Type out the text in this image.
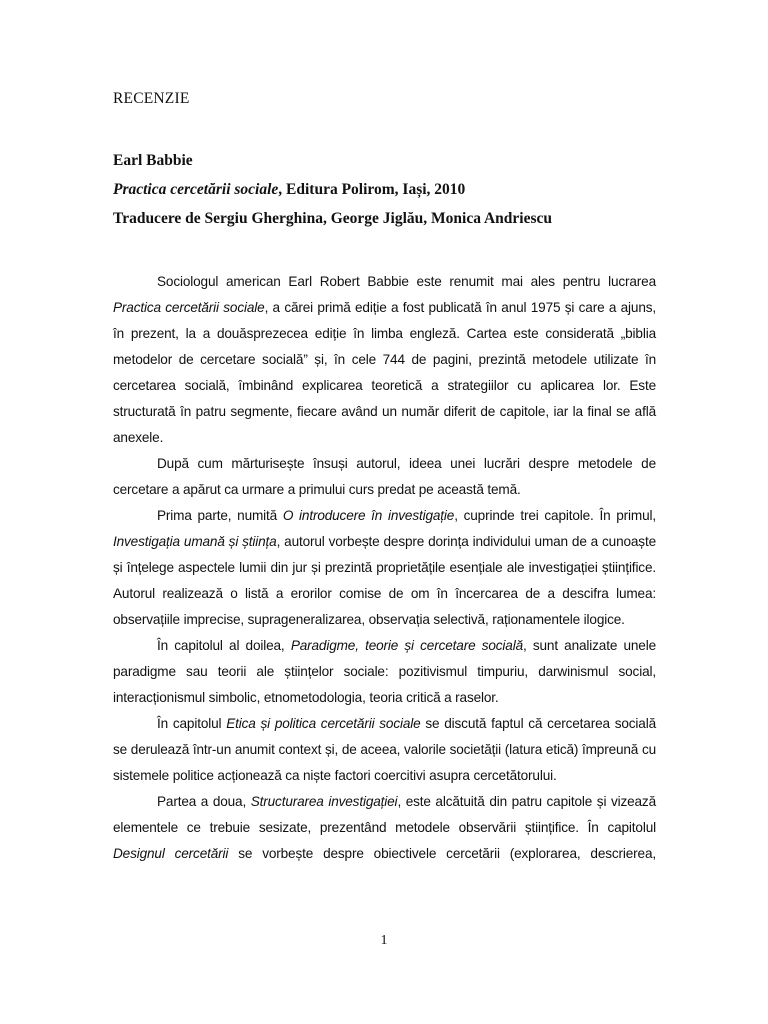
RECENZIE
Earl Babbie
Practica cercetării sociale, Editura Polirom, Iași, 2010
Traducere de Sergiu Gherghina, George Jiglău, Monica Andriescu

Sociologul american Earl Robert Babbie este renumit mai ales pentru lucrarea Practica cercetării sociale, a cărei primă ediție a fost publicată în anul 1975 și care a ajuns, în prezent, la a douăsprezecea ediție în limba engleză. Cartea este considerată „biblia metodelor de cercetare socială” și, în cele 744 de pagini, prezintă metodele utilizate în cercetarea socială, îmbinând explicarea teoretică a strategiilor cu aplicarea lor. Este structurată în patru segmente, fiecare având un număr diferit de capitole, iar la final se află anexele.

După cum mărturisește însuși autorul, ideea unei lucrări despre metodele de cercetare a apărut ca urmare a primului curs predat pe această temă.

Prima parte, numită O introducere în investigație, cuprinde trei capitole. În primul, Investigația umană și știința, autorul vorbește despre dorința individului uman de a cunoaște și înțelege aspectele lumii din jur și prezintă proprietățile esențiale ale investigației științifice. Autorul realizează o listă a erorilor comise de om în încercarea de a descifra lumea: observațiile imprecise, suprageneralizarea, observația selectivă, raționamentele ilogice.

În capitolul al doilea, Paradigme, teorie și cercetare socială, sunt analizate unele paradigme sau teorii ale științelor sociale: pozitivismul timpuriu, darwinismul social, interacționismul simbolic, etnometodologia, teoria critică a raselor.

În capitolul Etica și politica cercetării sociale se discută faptul că cercetarea socială se derulează într-un anumit context și, de aceea, valorile societății (latura etică) împreună cu sistemele politice acționează ca niște factori coercitivi asupra cercetătorului.

Partea a doua, Structurarea investigației, este alcătuită din patru capitole și vizează elementele ce trebuie sesizate, prezentând metodele observării științifice. În capitolul Designul cercetării se vorbește despre obiectivele cercetării (explorarea, descrierea,

1
